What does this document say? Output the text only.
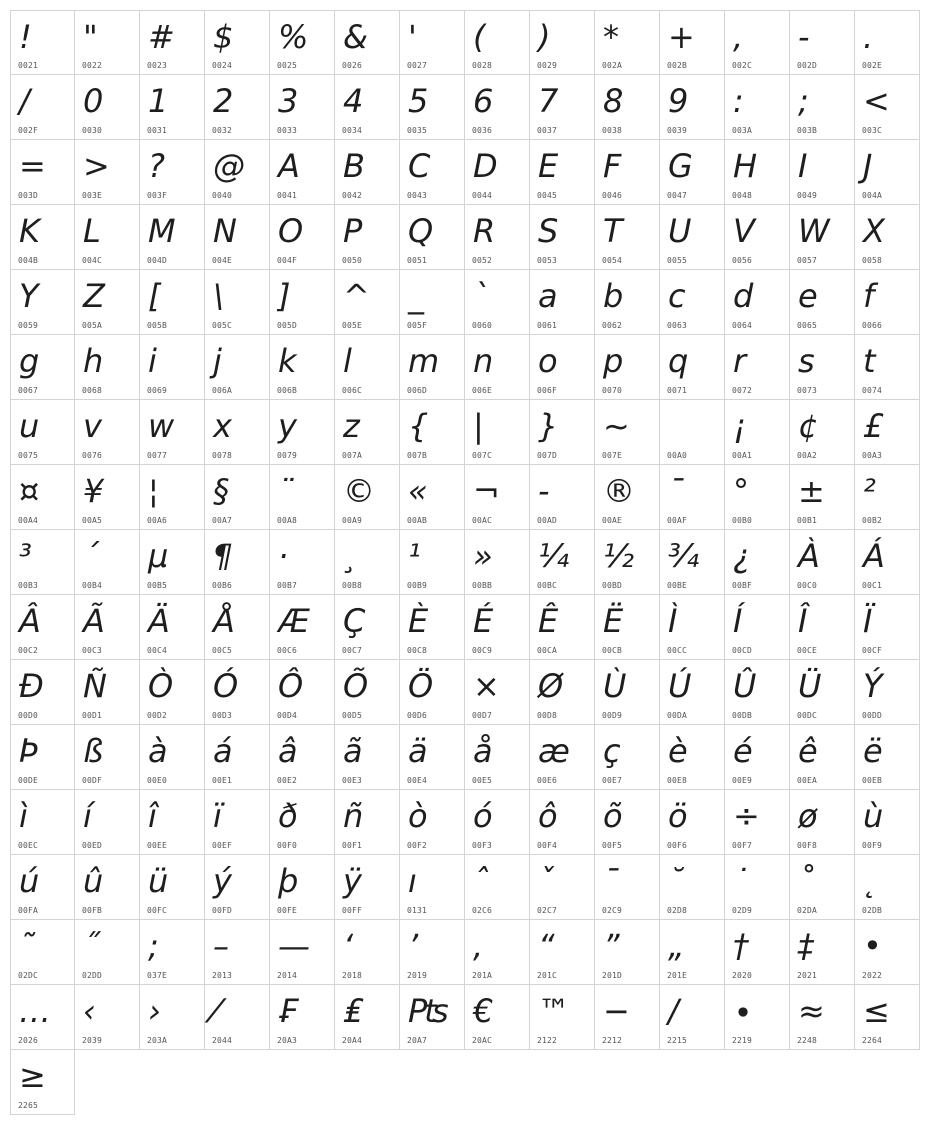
!
0021
"
0022
#
0023
$
0024
%
0025
&
0026
'
0027
(
0028
)
0029
*
002A
+
002B
,
002C
-
002D
.
002E
/
002F
0
0030
1
0031
2
0032
3
0033
4
0034
5
0035
6
0036
7
0037
8
0038
9
0039
:
003A
;
003B
<
003C
=
003D
>
003E
?
003F
@
0040
A
0041
B
0042
C
0043
D
0044
E
0045
F
0046
G
0047
H
0048
I
0049
J
004A
K
004B
L
004C
M
004D
N
004E
O
004F
P
0050
Q
0051
R
0052
S
0053
T
0054
U
0055
V
0056
W
0057
X
0058
Y
0059
Z
005A
[
005B
\
005C
]
005D
^
005E
_
005F
`
0060
a
0061
b
0062
c
0063
d
0064
e
0065
f
0066
g
0067
h
0068
i
0069
j
006A
k
006B
l
006C
m
006D
n
006E
o
006F
p
0070
q
0071
r
0072
s
0073
t
0074
u
0075
v
0076
w
0077
x
0078
y
0079
z
007A
{
007B
|
007C
}
007D
~
007E	00A0
¡
00A1
¢
00A2
£
00A3
¤
00A4
¥
00A5
¦
00A6
§
00A7
¨
00A8
©
00A9
«
00AB
¬
00AC
-
00AD
®
00AE
¯
00AF
°
00B0
±
00B1
²
00B2
³
00B3
´
00B4
µ
00B5
¶
00B6
·
00B7
¸
00B8
¹
00B9
»
00BB
¼
00BC
½
00BD
¾
00BE
¿
00BF
À
00C0
Á
00C1
Â
00C2
Ã
00C3
Ä
00C4
Å
00C5
Æ
00C6
Ç
00C7
È
00C8
É
00C9
Ê
00CA
Ë
00CB
Ì
00CC
Í
00CD
Î
00CE
Ï
00CF
Ð
00D0
Ñ
00D1
Ò
00D2
Ó
00D3
Ô
00D4
Õ
00D5
Ö
00D6
×
00D7
Ø
00D8
Ù
00D9
Ú
00DA
Û
00DB
Ü
00DC
Ý
00DD
Þ
00DE
ß
00DF
à
00E0
á
00E1
â
00E2
ã
00E3
ä
00E4
å
00E5
æ
00E6
ç
00E7
è
00E8
é
00E9
ê
00EA
ë
00EB
ì
00EC
í
00ED
î
00EE
ï
00EF
ð
00F0
ñ
00F1
ò
00F2
ó
00F3
ô
00F4
õ
00F5
ö
00F6
÷
00F7
ø
00F8
ù
00F9
ú
00FA
û
00FB
ü
00FC
ý
00FD
þ
00FE
ÿ
00FF
ı
0131
ˆ
02C6
ˇ
02C7
ˉ
02C9
˘
02D8
˙
02D9
˚
02DA
˛
02DB
˜
02DC
˝
02DD
;
037E
–
2013
—
2014
‘
2018
’
2019
‚
201A
“
201C
”
201D
„
201E
†
2020
‡
2021
•
2022
…
2026
‹
2039
›
203A
⁄
2044
₣
20A3
₤
20A4
₧
20A7
€
20AC
™
2122
−
2212
∕
2215
∙
2219
≈
2248
≤
2264
≥
2265
